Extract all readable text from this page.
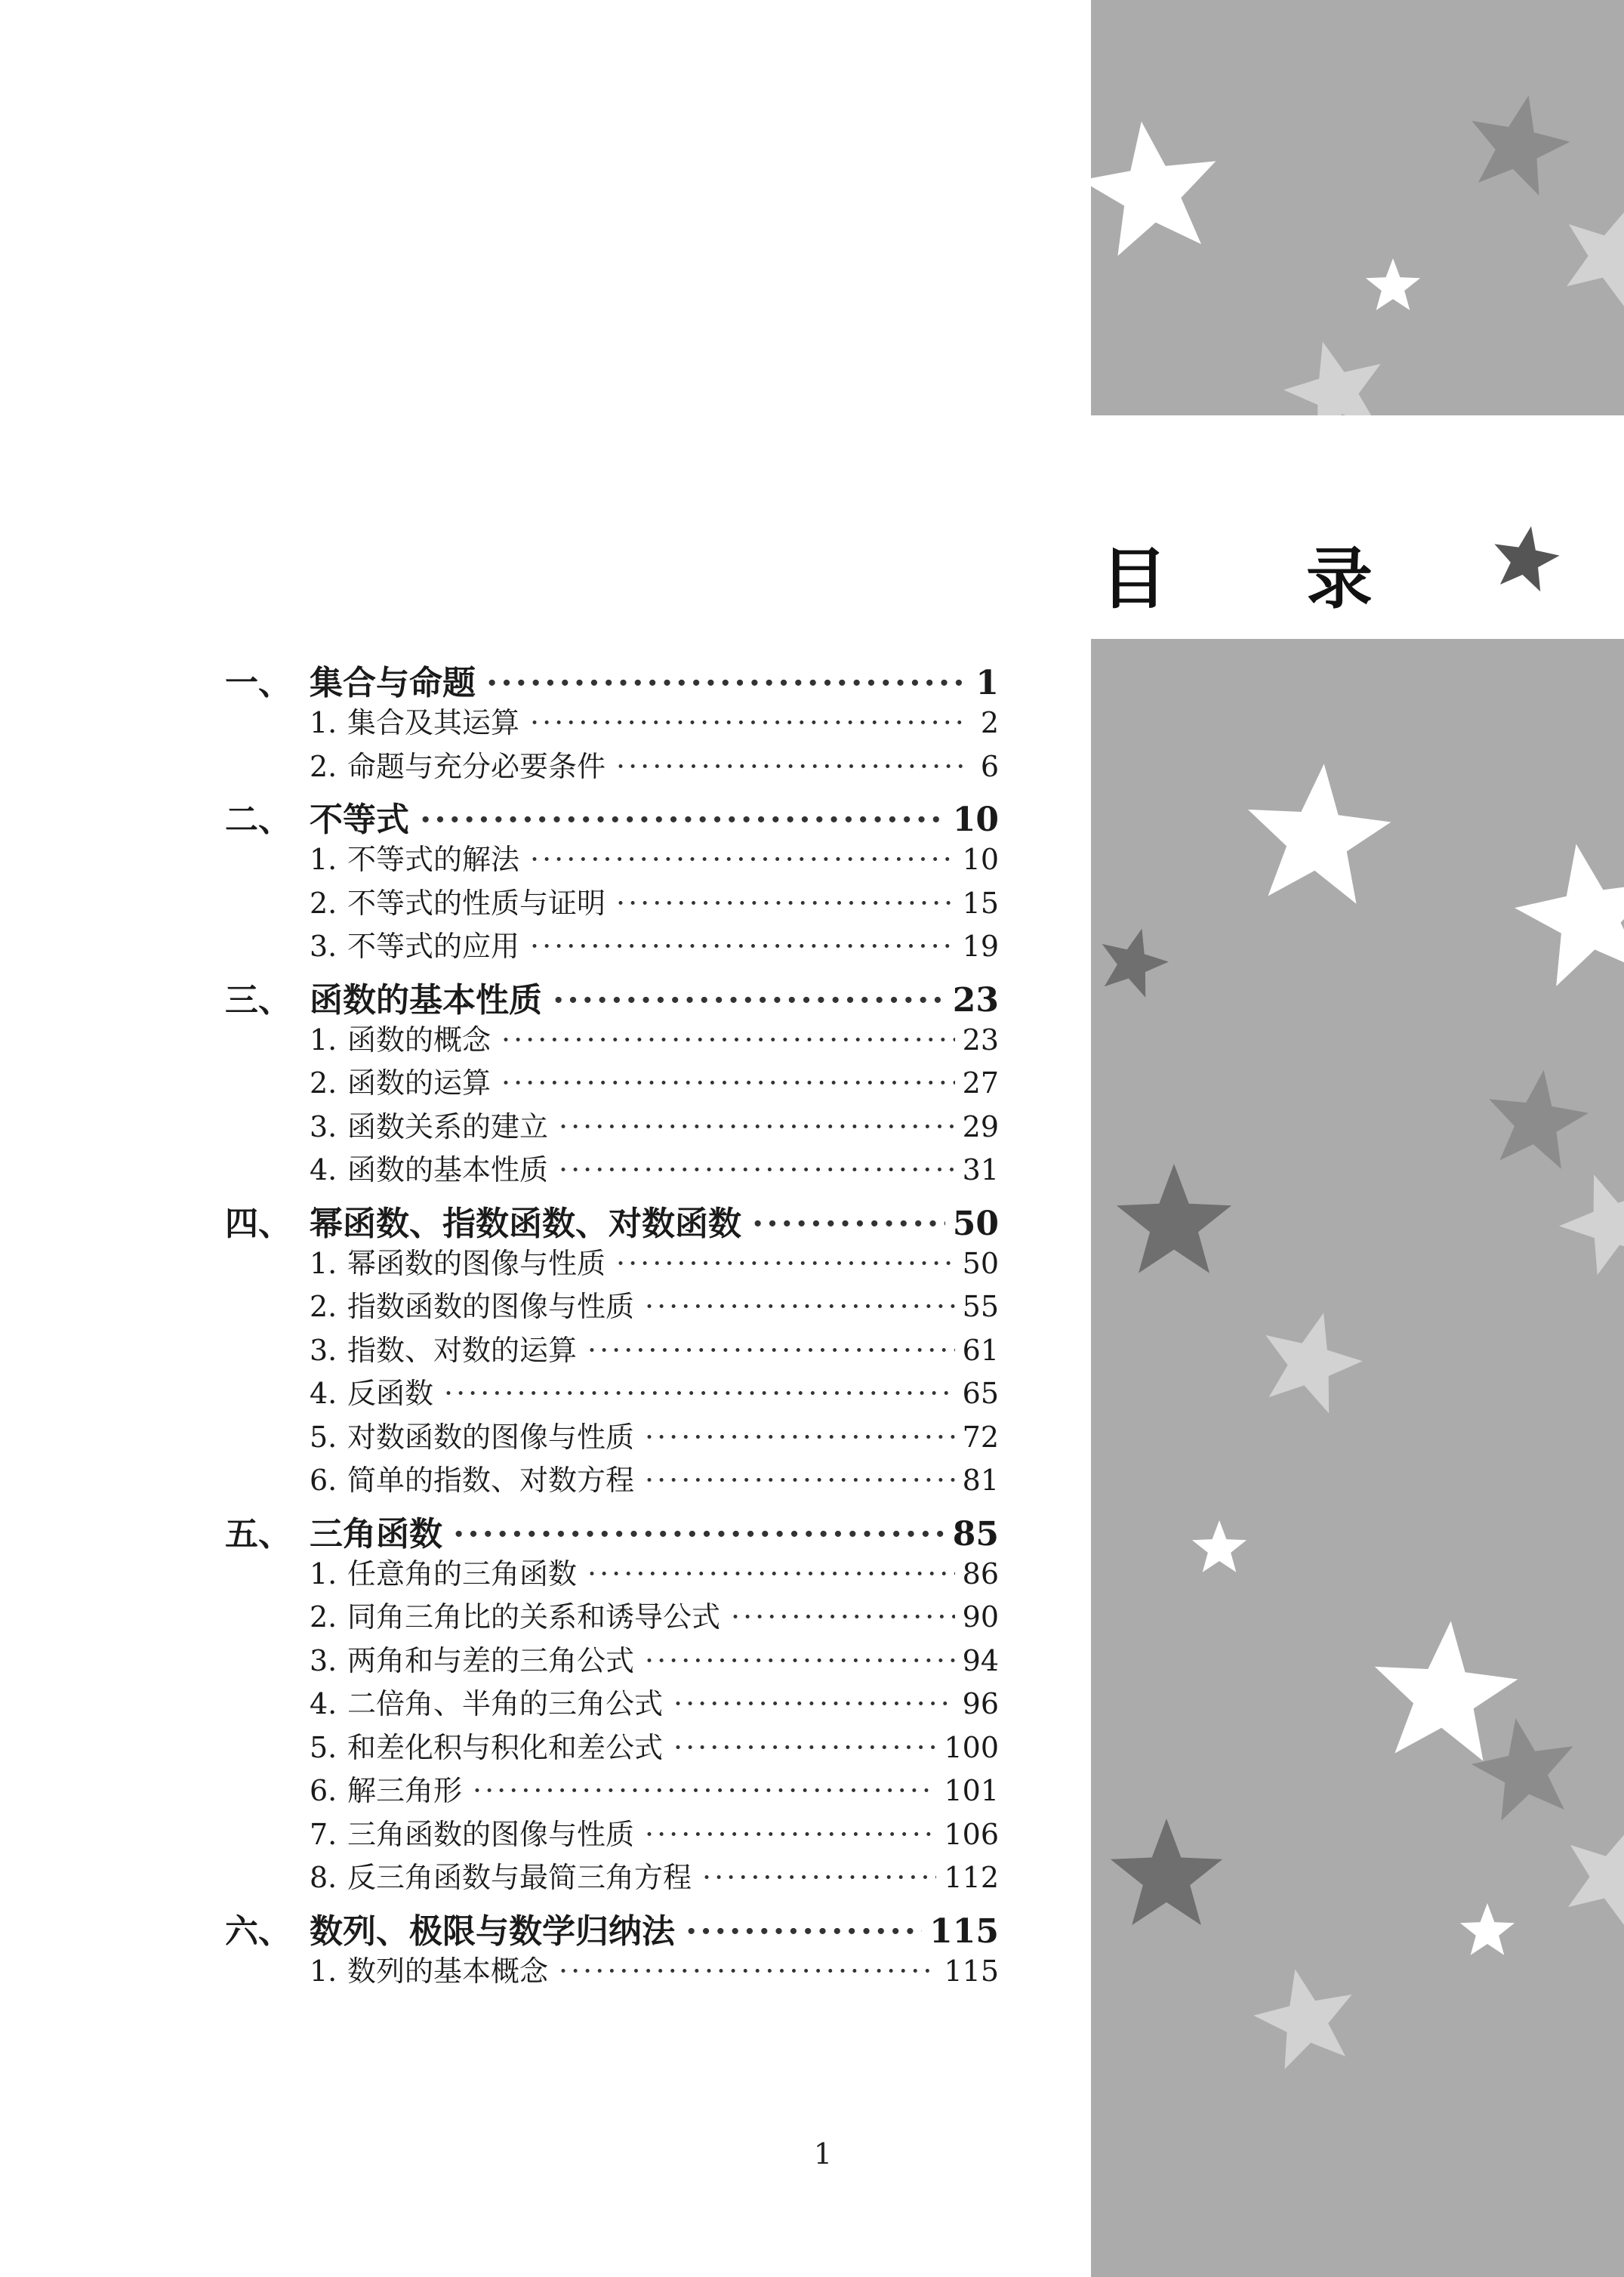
目 录
一、 集合与命题 ·····	1
1. 集合及其运算 ·····	2
2. 命题与充分必要条件 ·····	6
二、 不等式 ·····	10
1. 不等式的解法 ·····	10
2. 不等式的性质与证明 ·····	15
3. 不等式的应用 ·····	19
三、 函数的基本性质 ·····	23
1. 函数的概念 ·····	23
2. 函数的运算 ·····	27
3. 函数关系的建立 ·····	29
4. 函数的基本性质 ·····	31
四、 幂函数、指数函数、对数函数 ·····	50
1. 幂函数的图像与性质 ·····	50
2. 指数函数的图像与性质 ·····	55
3. 指数、对数的运算 ·····	61
4. 反函数 ·····	65
5. 对数函数的图像与性质 ·····	72
6. 简单的指数、对数方程 ·····	81
五、 三角函数 ·····	85
1. 任意角的三角函数 ·····	86
2. 同角三角比的关系和诱导公式 ·····	90
3. 两角和与差的三角公式 ·····	94
4. 二倍角、半角的三角公式 ·····	96
5. 和差化积与积化和差公式 ·····	100
6. 解三角形 ·····	101
7. 三角函数的图像与性质 ·····	106
8. 反三角函数与最简三角方程 ·····	112
六、 数列、极限与数学归纳法 ·····	115
1. 数列的基本概念 ·····	115
1
